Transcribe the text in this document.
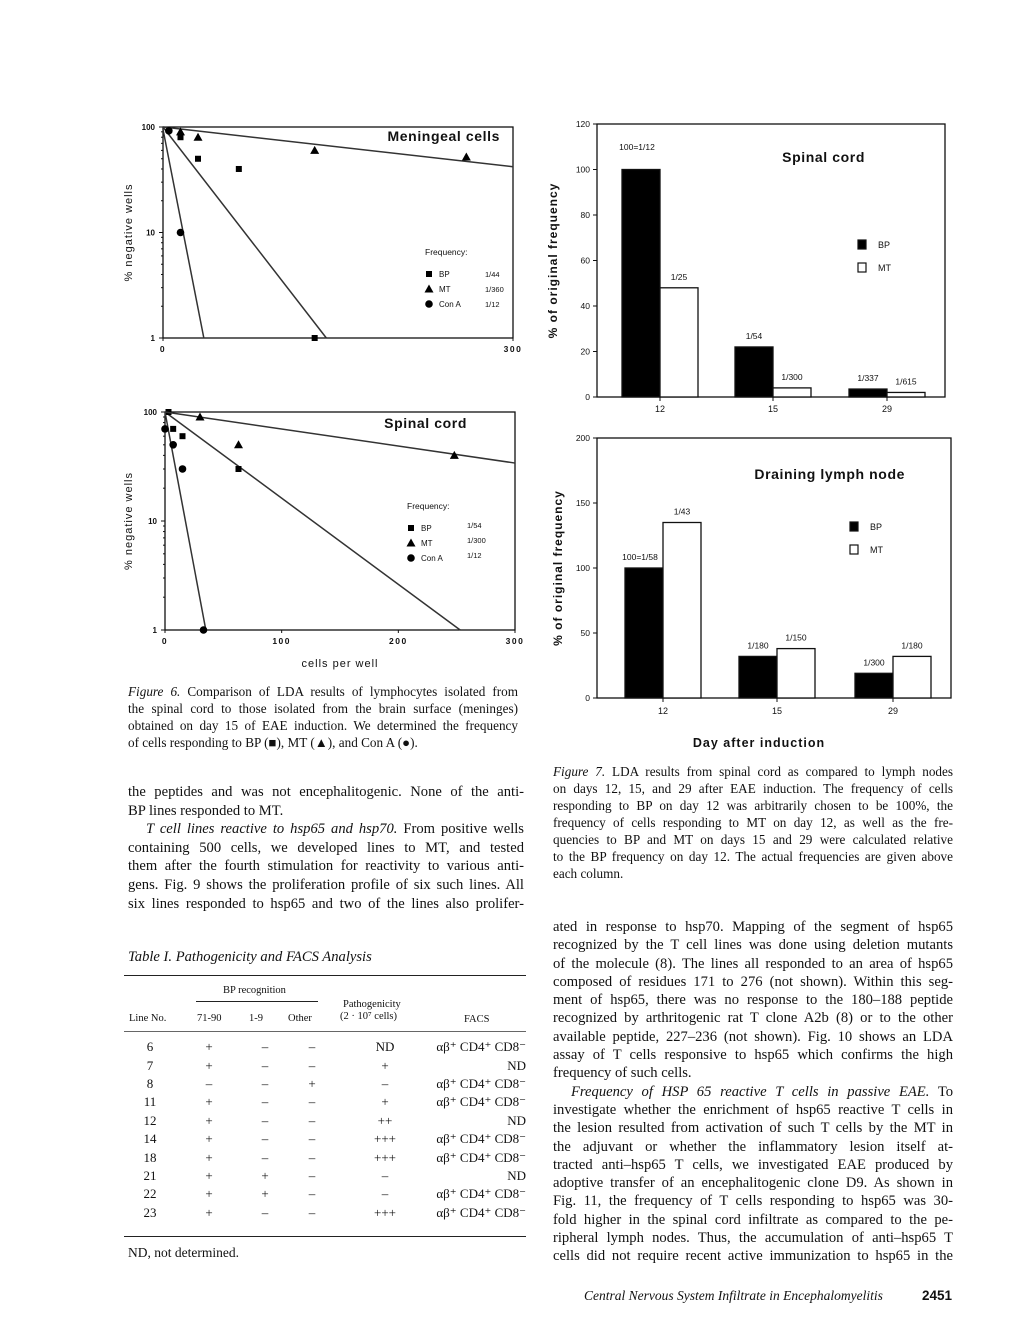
Meningeal cells
% negative wells
1
10
100
0	300
BP	1/44
MT	1/360
Con A	1/12
Frequency:
Spinal cord
% negative wells
cells per well
1
10
100
0	100	200	300
BP	1/54
MT	1/300
Con A	1/12
Frequency:
Spinal cord
% of original frequency
0
20
40
60
80
100
120
12
100=1/12
1/25
15
1/54
1/300
29
1/337 1/615
BP
MT
Draining lymph node
% of original frequency
Day after induction
0
50
100
150
200
12
100=1/58
1/43
15
1/180
1/150
29
1/300
1/180
BP
MT
Figure 6. Comparison of LDA results of lymphocytes isolated from
the spinal cord to those isolated from the brain surface (meninges)
obtained on day 15 of EAE induction. We determined the frequency
of cells responding to BP (■), MT (▲), and Con A (●).
the peptides and was not encephalitogenic. None of the anti-
BP lines responded to MT.
T cell lines reactive to hsp65 and hsp70. From positive wells
containing 500 cells, we developed lines to MT, and tested
them after the fourth stimulation for reactivity to various anti-
gens. Fig. 9 shows the proliferation profile of six such lines. All
six lines responded to hsp65 and two of the lines also prolifer-
Table I. Pathogenicity and FACS Analysis
BP recognition
Line No.	71-90	1-9 Other
Pathogenicity
(2 · 10⁷ cells)	FACS
6	+	–	–	ND	αβ⁺ CD4⁺ CD8⁻
7	+	–	–	+	ND
8	–	–	+	–	αβ⁺ CD4⁺ CD8⁻
11	+	–	–	+	αβ⁺ CD4⁺ CD8⁻
12	+	–	–	++	ND
14	+	–	–	+++	αβ⁺ CD4⁺ CD8⁻
18	+	–	–	+++	αβ⁺ CD4⁺ CD8⁻
21	+	+	–	–	ND
22	+	+	–	–	αβ⁺ CD4⁺ CD8⁻
23	+	–	–	+++	αβ⁺ CD4⁺ CD8⁻
ND, not determined.
Figure 7. LDA results from spinal cord as compared to lymph nodes
on days 12, 15, and 29 after EAE induction. The frequency of cells
responding to BP on day 12 was arbitrarily chosen to be 100%, the
frequency of cells responding to MT on day 12, as well as the fre-
quencies to BP and MT on days 15 and 29 were calculated relative
to the BP frequency on day 12. The actual frequencies are given above
each column.
ated in response to hsp70. Mapping of the segment of hsp65
recognized by the T cell lines was done using deletion mutants
of the molecule (8). The lines all responded to an area of hsp65
composed of residues 171 to 276 (not shown). Within this seg-
ment of hsp65, there was no response to the 180–188 peptide
recognized by arthritogenic rat T clone A2b (8) or to the other
available peptide, 227–236 (not shown). Fig. 10 shows an LDA
assay of T cells responsive to hsp65 which confirms the high
frequency of such cells.
Frequency of HSP 65 reactive T cells in passive EAE. To
investigate whether the enrichment of hsp65 reactive T cells in
the lesion resulted from activation of such T cells by the MT in
the adjuvant or whether the inflammatory lesion itself at-
tracted anti–hsp65 T cells, we investigated EAE produced by
adoptive transfer of an encephalitogenic clone D9. As shown in
Fig. 11, the frequency of T cells responding to hsp65 was 30-
fold higher in the spinal cord infiltrate as compared to the pe-
ripheral lymph nodes. Thus, the accumulation of anti–hsp65 T
cells did not require recent active immunization to hsp65 in the
Central Nervous System Infiltrate in Encephalomyelitis	2451
